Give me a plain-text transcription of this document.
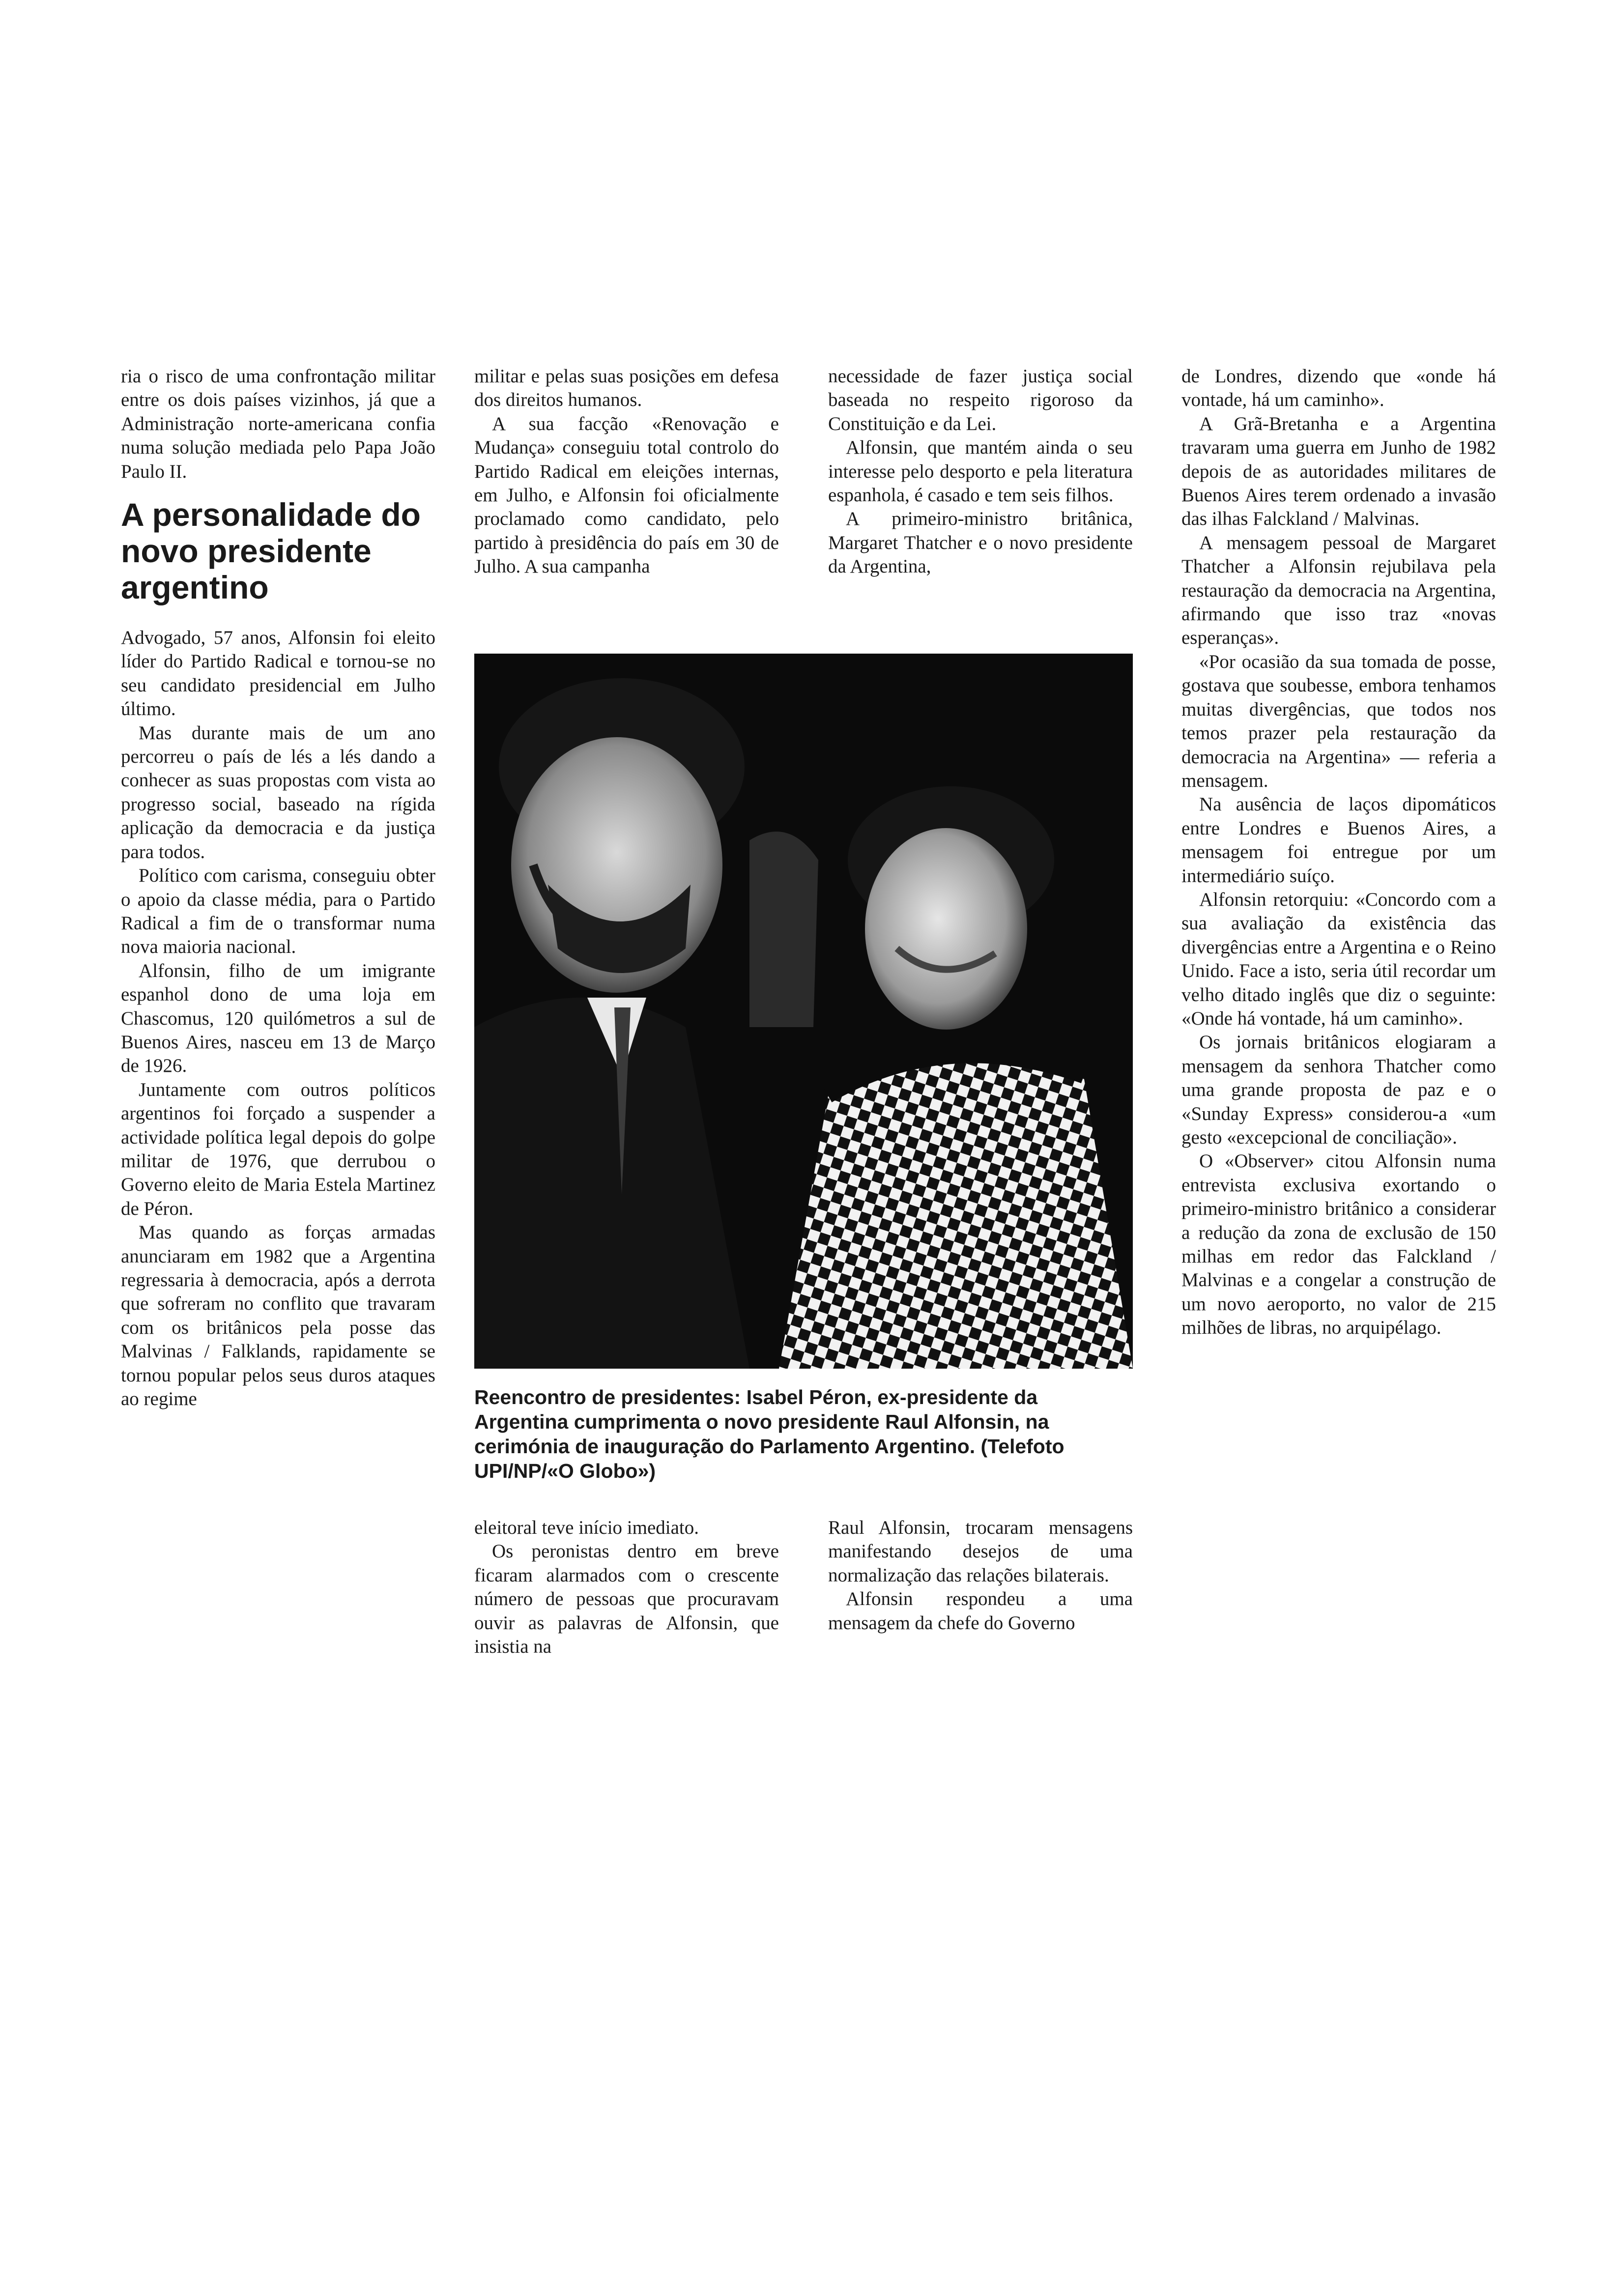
ria o risco de uma confrontação militar entre os dois países vizinhos, já que a Administração norte-americana confia numa solução mediada pelo Papa João Paulo II.

A personalidade do novo presidente argentino

Advogado, 57 anos, Alfonsin foi eleito líder do Partido Radical e tornou-se no seu candidato presidencial em Julho último.

Mas durante mais de um ano percorreu o país de lés a lés dando a conhecer as suas propostas com vista ao progresso social, baseado na rígida aplicação da democracia e da justiça para todos.

Político com carisma, conseguiu obter o apoio da classe média, para o Partido Radical a fim de o transformar numa nova maioria nacional.

Alfonsin, filho de um imigrante espanhol dono de uma loja em Chascomus, 120 quilómetros a sul de Buenos Aires, nasceu em 13 de Março de 1926.

Juntamente com outros políticos argentinos foi forçado a suspender a actividade política legal depois do golpe militar de 1976, que derrubou o Governo eleito de Maria Estela Martinez de Péron.

Mas quando as forças armadas anunciaram em 1982 que a Argentina regressaria à democracia, após a derrota que sofreram no conflito que travaram com os britânicos pela posse das Malvinas / Falklands, rapidamente se tornou popular pelos seus duros ataques ao regime

militar e pelas suas posições em defesa dos direitos humanos.

A sua facção «Renovação e Mudança» conseguiu total controlo do Partido Radical em eleições internas, em Julho, e Alfonsin foi oficialmente proclamado como candidato, pelo partido à presidência do país em 30 de Julho. A sua campanha

necessidade de fazer justiça social baseada no respeito rigoroso da Constituição e da Lei.

Alfonsin, que mantém ainda o seu interesse pelo desporto e pela literatura espanhola, é casado e tem seis filhos.

A primeiro-ministro britânica, Margaret Thatcher e o novo presidente da Argentina,

de Londres, dizendo que «onde há vontade, há um caminho».

A Grã-Bretanha e a Argentina travaram uma guerra em Junho de 1982 depois de as autoridades militares de Buenos Aires terem ordenado a invasão das ilhas Falckland / Malvinas.

A mensagem pessoal de Margaret Thatcher a Alfonsin rejubilava pela restauração da democracia na Argentina, afirmando que isso traz «novas esperanças».

«Por ocasião da sua tomada de posse, gostava que soubesse, embora tenhamos muitas divergências, que todos nos temos prazer pela restauração da democracia na Argentina» — referia a mensagem.

Na ausência de laços dipomáticos entre Londres e Buenos Aires, a mensagem foi entregue por um intermediário suíço.

Alfonsin retorquiu: «Concordo com a sua avaliação da existência das divergências entre a Argentina e o Reino Unido. Face a isto, seria útil recordar um velho ditado inglês que diz o seguinte: «Onde há vontade, há um caminho».

Os jornais britânicos elogiaram a mensagem da senhora Thatcher como uma grande proposta de paz e o «Sunday Express» considerou-a «um gesto «excepcional de conciliação».

O «Observer» citou Alfonsin numa entrevista exclusiva exortando o primeiro-ministro britânico a considerar a redução da zona de exclusão de 150 milhas em redor das Falckland / Malvinas e a congelar a construção de um novo aeroporto, no valor de 215 milhões de libras, no arquipélago.

Reencontro de presidentes: Isabel Péron, ex-presidente da Argentina cumprimenta o novo presidente Raul Alfonsin, na cerimónia de inauguração do Parlamento Argentino. (Telefoto UPI/NP/«O Globo»)

eleitoral teve início imediato.

Os peronistas dentro em breve ficaram alarmados com o crescente número de pessoas que procuravam ouvir as palavras de Alfonsin, que insistia na

Raul Alfonsin, trocaram mensagens manifestando desejos de uma normalização das relações bilaterais.

Alfonsin respondeu a uma mensagem da chefe do Governo
